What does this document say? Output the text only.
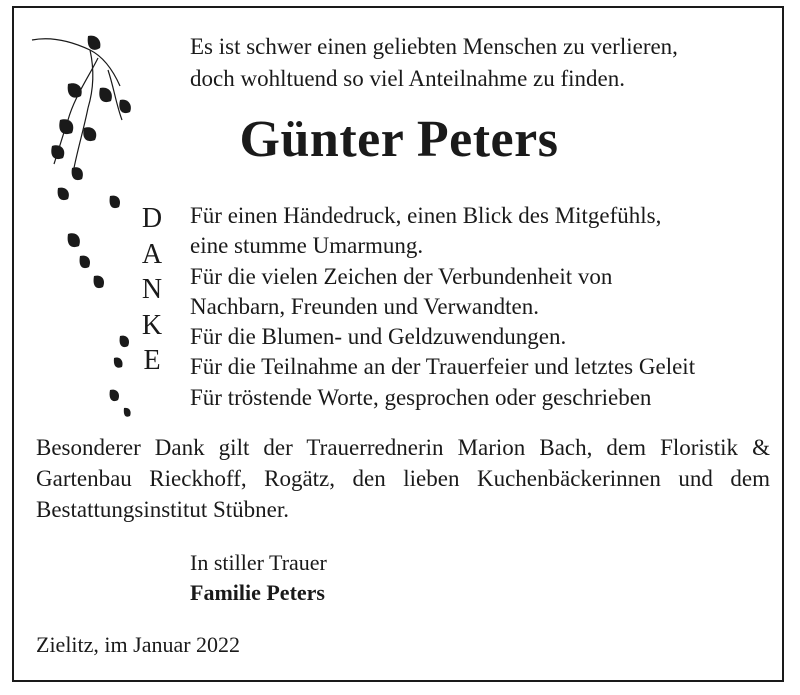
Es ist schwer einen geliebten Menschen zu verlieren,
doch wohltuend so viel Anteilnahme zu finden.

Günter Peters
D
A
N
K
E
Für einen Händedruck, einen Blick des Mitgefühls,
eine stumme Umarmung.
Für die vielen Zeichen der Verbundenheit von
Nachbarn, Freunden und Verwandten.
Für die Blumen- und Geldzuwendungen.
Für die Teilnahme an der Trauerfeier und letztes Geleit
Für tröstende Worte, gesprochen oder geschrieben

Besonderer Dank gilt der Trauerrednerin Marion Bach, dem Floristik & Gartenbau Rieckhoff, Rogätz, den lieben Kuchenbäckerinnen und dem Bestattungsinstitut Stübner.

In stiller Trauer
Familie Peters

Zielitz, im Januar 2022
